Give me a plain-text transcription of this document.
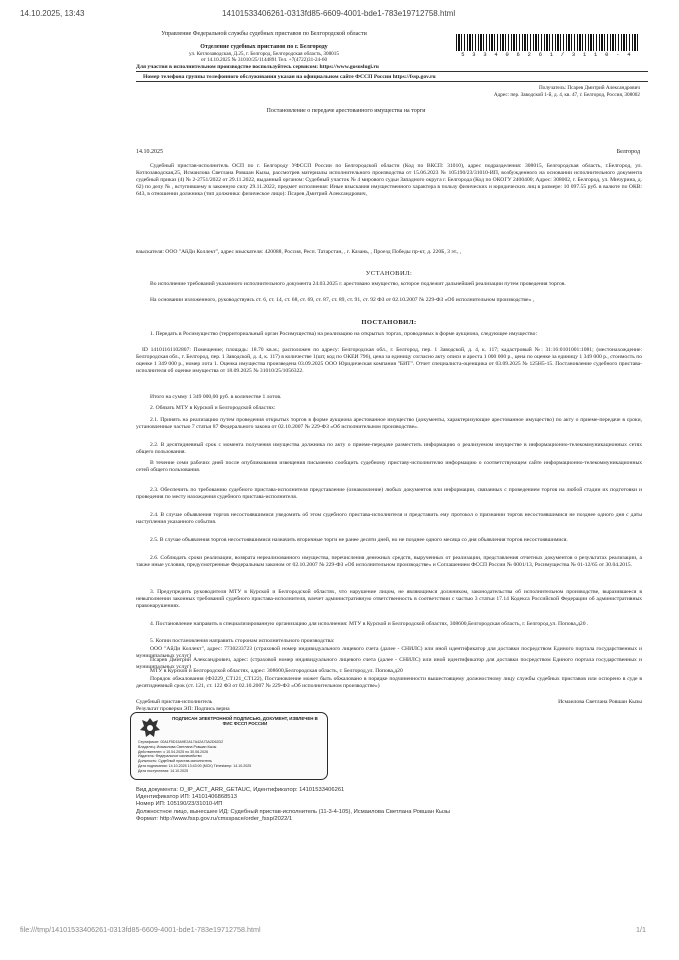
14.10.2025, 13:43	14101533406261-0313fd85-6609-4001-bde1-783e19712758.html
Управление Федеральной службы судебных приставов по Белгородской области
Отделение судебных приставов по г. Белгороду
ул. Котлозаводская, Д.25, г. Белгород, Белгородская область, 308015
от 14.10.2025 № 31010/25/1144891 Тел. +7(4722)31-24-60
Для участия в исполнительном производстве воспользуйтесь сервисом: https://www.gosuslugi.ru
Номер телефона группы телефонного обслуживания указан на официальном сайте ФССП России https://fssp.gov.ru
5 3 3 4 0 6 2 6 1 / 3 1 1 0 - 4
Получатель: Псарев Дмитрий Александрович
Адрес: пер. Заводской 1-й, д. 4, кв. 47, г. Белгород, Россия, 308002
Постановление о передаче арестованного имущества на торги
14.10.2025	Белгород
Судебный пристав-исполнитель ОСП по г. Белгороду УФССП России по Белгородской области (Код по ВКСП: 31010), адрес подразделения: 308015, Белгородская область, г.Белгород, ул. Котлозаводская,25, Исмаилова Светлана Ровшан Кызы, рассмотрев материалы исполнительного производства от 15.06.2023 № 105190/23/31010-ИП, возбужденного на основании исполнительного документа судебный приказ (4) № 2-2751/2022 от 29.11.2022, выданный органом: Судебный участок № 4 мирового судьи Западного округа г. Белгорода (Код по ОКОГУ 2400400; Адрес: 308002, г. Белгород, ул. Мичурина, д. 62) по делу № , вступившему в законную силу 29.11.2022, предмет исполнения: Иные взыскания имущественного характера в пользу физических и юридических лиц в размере: 10 097.55 руб. в валюте по ОКВ: 643, в отношении должника (тип должника: физическое лицо): Псарев Дмитрий Александрович,
взыскателя: ООО "АйДи Коллект", адрес взыскателя: 420088, Россия, Респ. Татарстан, , г. Казань, , Проезд Победы пр-кт, д. 220Б, 3 эт., ,
УСТАНОВИЛ:
Во исполнение требований указанного исполнительного документа 24.03.2025 г. арестовано имущество, которое подлежит дальнейшей реализации путем проведения торгов.
На основании изложенного, руководствуясь ст. 6, ст. 14, ст. 68, ст. 69, ст. 87, ст. 89, ст. 91, ст. 92 ФЗ от 02.10.2007 № 229-ФЗ «Об исполнительном производстве» ,
ПОСТАНОВИЛ:
1. Передать в Росимущество (территориальный орган Росимущества) на реализацию на открытых торгах, проводимых в форме аукциона, следующее имущество:
ID 14101161102807: Помещение; площадь: 18.70 кв.м.; расположен по адресу: Белгородская обл., г. Белгород, пер. 1 Заводской, д. 4, к. 117; кадастровый №: 31:16:0101001:1081; (местонахождение: Белгородская обл., г. Белгород, пер. 1 Заводской, д. 4, к. 117) в количестве 1(шт, код по ОКЕИ 796), цена за единицу согласно акту описи и ареста 1 000 000 р., цена по оценке за единицу 1 349 000 р., стоимость по оценке 1 349 000 р., номер лота 1. Оценка имущества произведена 03.09.2025 ООО Юридическая компания "БИТ". Отчет специалиста-оценщика от 03.09.2025 № 125Н5-15. Постановление судебного пристава-исполнителя об оценке имущества от 18.09.2025 № 31010/25/1056322.
Итого на сумму 1 349 000,00 руб. в количестве 1 лотов.
2. Обязать МТУ в Курской и Белгородской областях:
2.1. Принять на реализацию путем проведения открытых торгов в форме аукциона арестованное имущество (документы, характеризующие арестованное имущество) по акту о приеме-передаче в сроки, установленные частью 7 статьи 87 Федерального закона от 02.10.2007 № 229-ФЗ «Об исполнительном производстве».
2.2. В десятидневный срок с момента получения имущества должника по акту о приеме-передаче разместить информацию о реализуемом имуществе в информационно-телекоммуникационных сетях общего пользования.
В течение семи рабочих дней после опубликования извещения письменно сообщить судебному приставу-исполнителю информацию о соответствующем сайте информационно-телекоммуникационных сетей общего пользования.
2.3. Обеспечить по требованию судебного пристава-исполнителя представление (ознакомление) любых документов или информации, связанных с проведением торгов на любой стадии их подготовки и проведения по месту нахождения судебного пристава-исполнителя.
2.4. В случае объявления торгов несостоявшимися уведомить об этом судебного пристава-исполнителя и представить ему протокол о признании торгов несостоявшимися не позднее одного дня с даты наступления указанного события.
2.5. В случае объявления торгов несостоявшимися назначить вторичные торги не ранее десяти дней, но не позднее одного месяца со дня объявления торгов несостоявшимися.
2.6. Соблюдать сроки реализации, возврата нереализованного имущества, перечисления денежных средств, вырученных от реализации, представления отчетных документов о результатах реализации, а также иные условия, предусмотренные Федеральным законом от 02.10.2007 № 229-ФЗ «Об исполнительном производстве» и Соглашением ФССП России № 0001/13, Росимущества № 01-12/65 от 30.04.2015.
3. Предупредить руководителя МТУ в Курской и Белгородской областях, что нарушение лицом, не являющимся должником, законодательства об исполнительном производстве, выразившееся в невыполнении законных требований судебного пристава-исполнителя, влечет административную ответственность в соответствии с частью 3 статьи 17.14 Кодекса Российской Федерации об административных правонарушениях.
4. Постановление направить в специализированную организацию для исполнения: МТУ в Курской и Белгородской областях, 308600,Белгородская область, г. Белгород,ул. Попова,д20 .
5. Копии постановления направить сторонам исполнительного производства:
ООО "АйДи Коллект", адрес: 7730233723 (страховой номер индивидуального лицевого счета (далее - СНИЛС) или иной идентификатор для доставки посредством Единого портала государственных и муниципальных услуг)
Псарев Дмитрий Александрович, адрес: (страховой номер индивидуального лицевого счета (далее - СНИЛС) или иной идентификатор для доставки посредством Единого портала государственных и муниципальных услуг)
МТУ в Курской и Белгородской областях, адрес: 308600,Белгородская область, г. Белгород,ул. Попова,д20
Порядок обжалования (ФЗ229_СТ121_СТ122), Постановление может быть обжаловано в порядке подчиненности вышестоящему должностному лицу службы судебных приставов или оспорено в суде в десятидневный срок (ст. 121, ст. 122 ФЗ от 02.10.2007 № 229-ФЗ «Об исполнительном производстве»)
ПОДПИСАН ЭЛЕКТРОННОЙ ПОДПИСЬЮ, ДОКУМЕНТ, ИЗВЛЕЧЕН В ФИС ФССП РОССИИ
Сертификат: 00A1F5D15A9E2A17A42A73A2D62D2
Владелец: Исмаилова Светлана Ровшан Кызы
Действителен: с 10.04.2025 по 30.06.2026
Издатель: Федеральное казначейство
Должность: Судебный пристав-исполнитель
Дата подписания: 14.10.2025 13:43:00 (МСК) Timestamp: 14.10.2025
Дата поступления: 14.10.2025
Вид документа: О_IP_ACT_ARR_GETAUC, Идентификатор: 14101533406261
Идентификатор ИП: 14101406868513
Номер ИП: 105190/23/31010-ИП
Должностное лицо, вынесшее ИД: Судебный пристав-исполнитель (11-3-4-105), Исмаилова Светлана Ровшан Кызы
Формат: http://www.fssp.gov.ru/cmsspace/order_fssp/2022/1
file:///tmp/14101533406261-0313fd85-6609-4001-bde1-783e19712758.html	1/1
Судебный пристав-исполнитель	Исмаилова Светлана Ровшан Кызы
Результат проверки ЭП: Подпись верна
